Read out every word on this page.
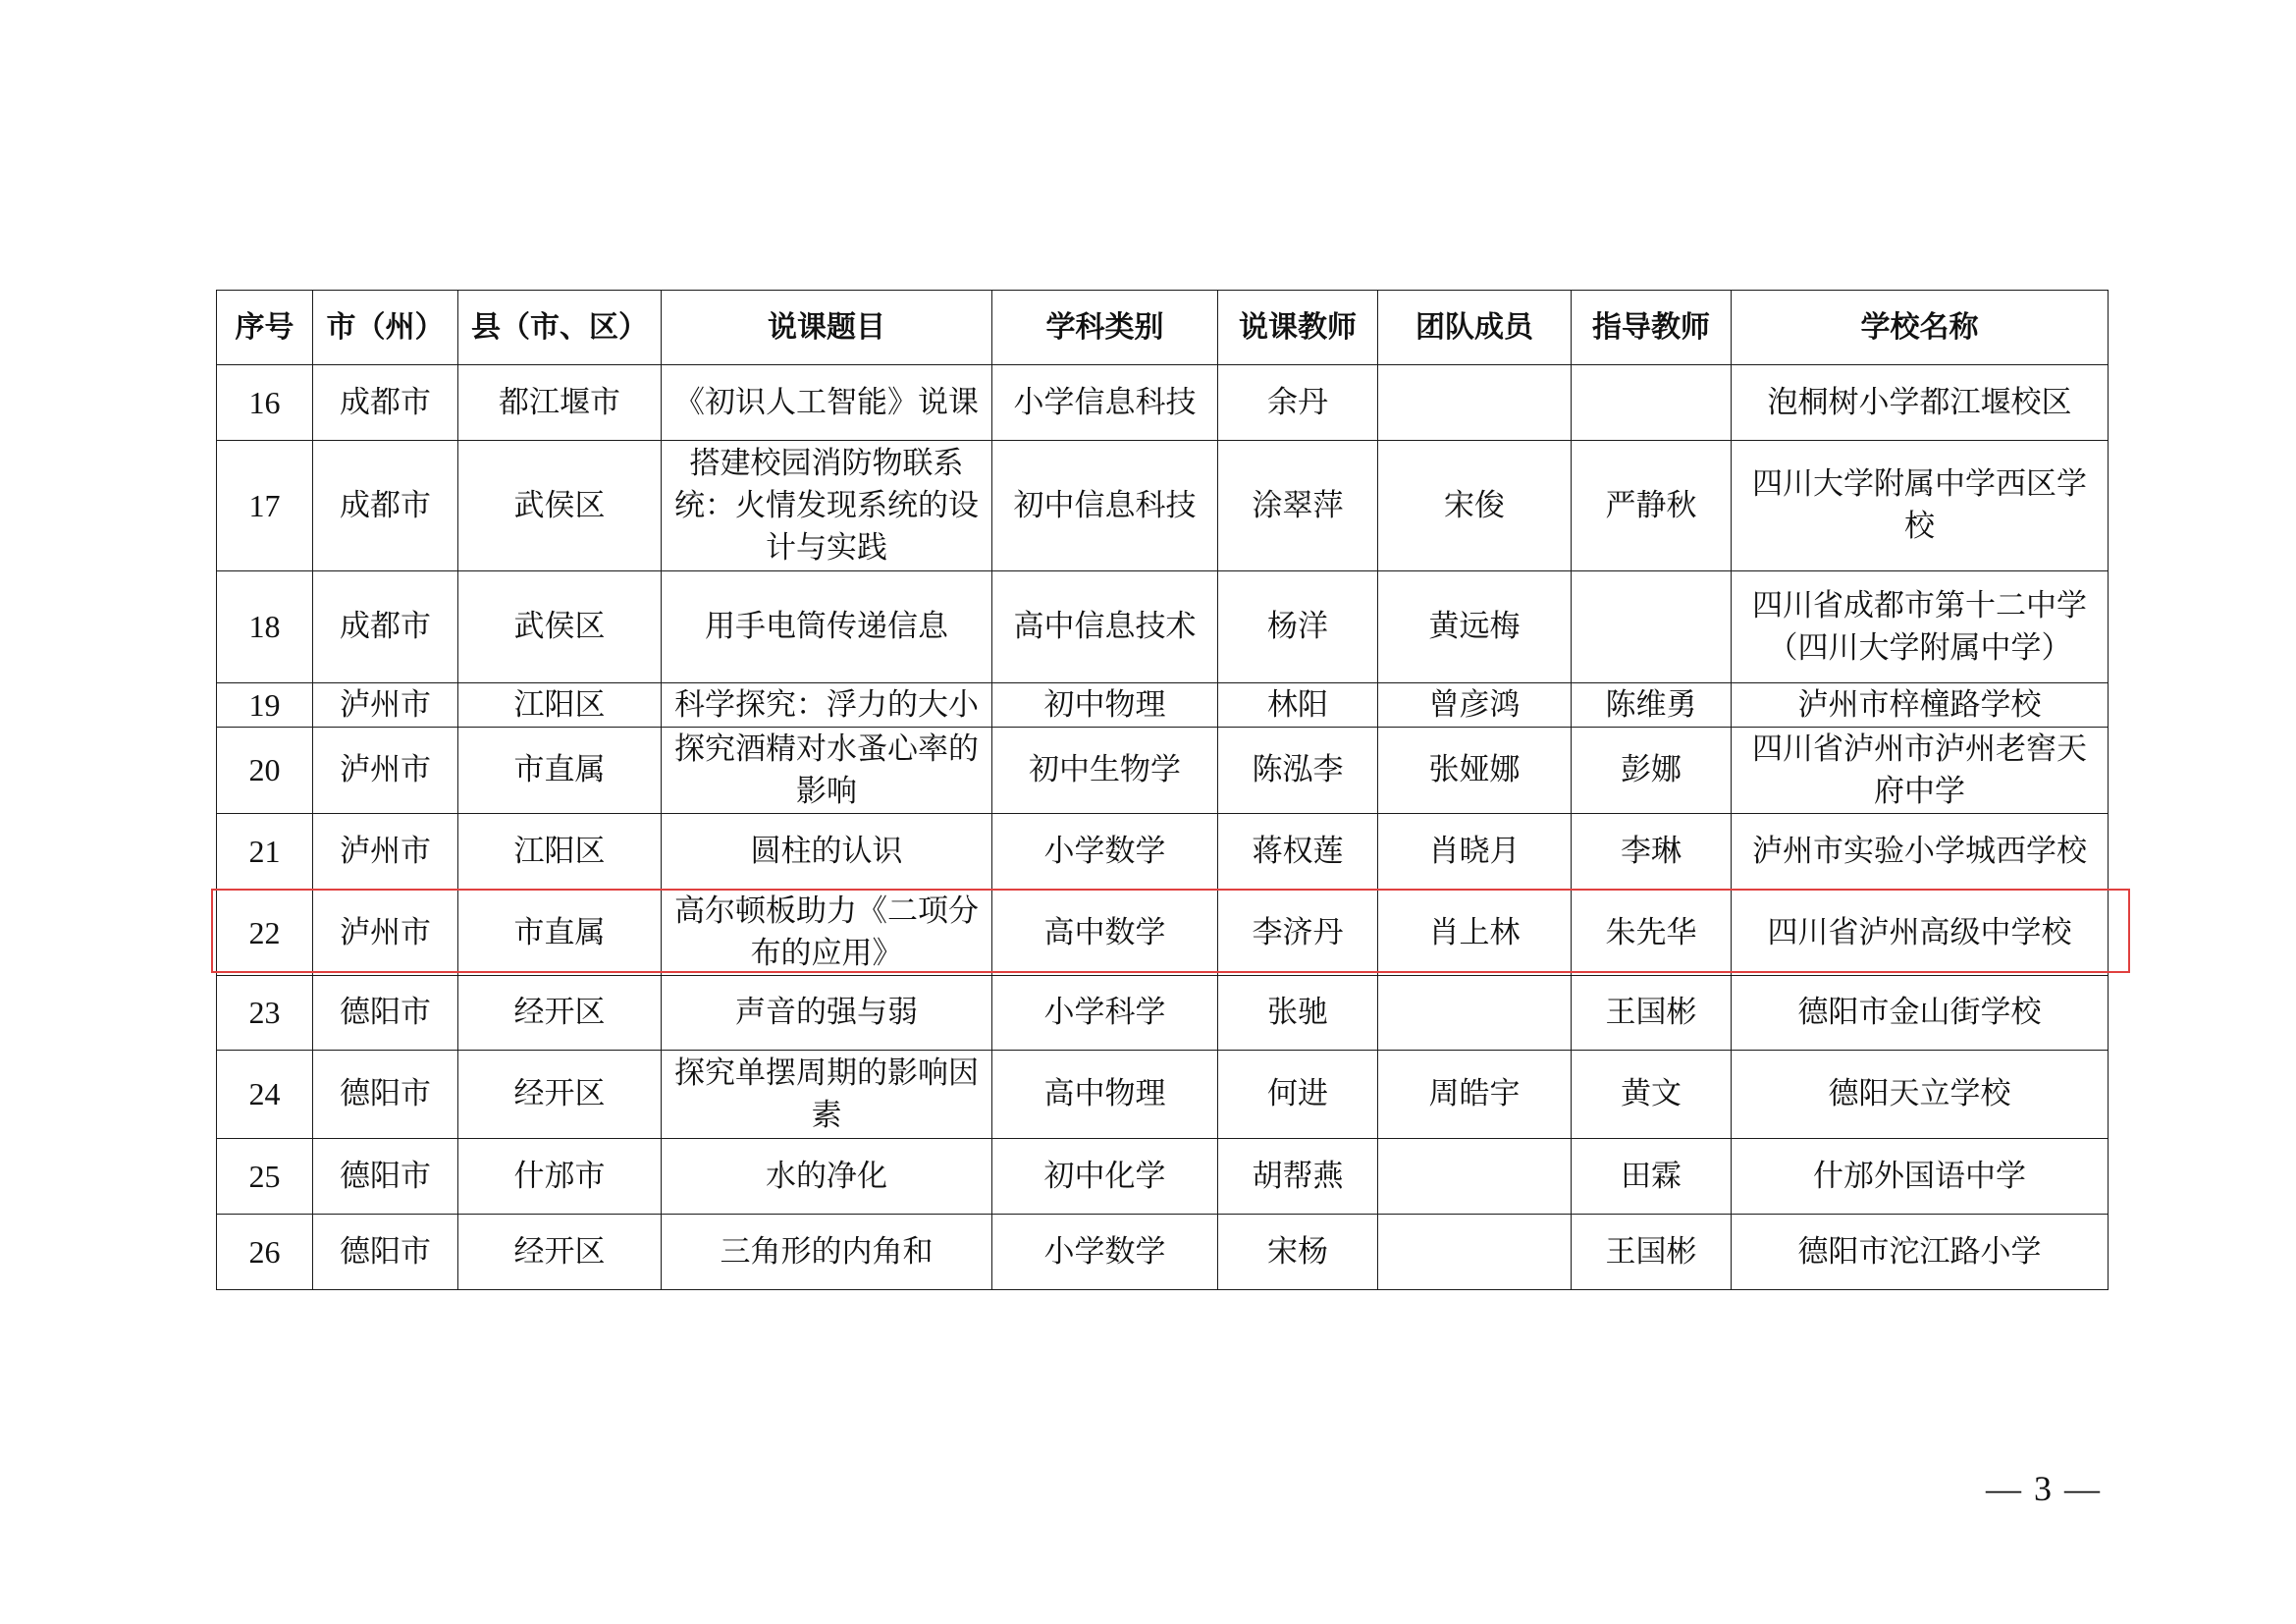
序号	市（州）	县（市、区）	说课题目	学科类别	说课教师	团队成员	指导教师	学校名称
16	成都市	都江堰市	《初识人工智能》说课	小学信息科技	余丹			泡桐树小学都江堰校区
17	成都市	武侯区	搭建校园消防物联系统：火情发现系统的设计与实践	初中信息科技	涂翠萍	宋俊	严静秋	四川大学附属中学西区学校
18	成都市	武侯区	用手电筒传递信息	高中信息技术	杨洋	黄远梅		四川省成都市第十二中学（四川大学附属中学）
19	泸州市	江阳区	科学探究：浮力的大小	初中物理	林阳	曾彦鸿	陈维勇	泸州市梓橦路学校
20	泸州市	市直属	探究酒精对水蚤心率的影响	初中生物学	陈泓李	张娅娜	彭娜	四川省泸州市泸州老窖天府中学
21	泸州市	江阳区	圆柱的认识	小学数学	蒋权莲	肖晓月	李琳	泸州市实验小学城西学校
22	泸州市	市直属	高尔顿板助力《二项分布的应用》	高中数学	李济丹	肖上林	朱先华	四川省泸州高级中学校
23	德阳市	经开区	声音的强与弱	小学科学	张驰		王国彬	德阳市金山街学校
24	德阳市	经开区	探究单摆周期的影响因素	高中物理	何进	周皓宇	黄文	德阳天立学校
25	德阳市	什邡市	水的净化	初中化学	胡帮燕		田霖	什邡外国语中学
26	德阳市	经开区	三角形的内角和	小学数学	宋杨		王国彬	德阳市沱江路小学
— 3 —
